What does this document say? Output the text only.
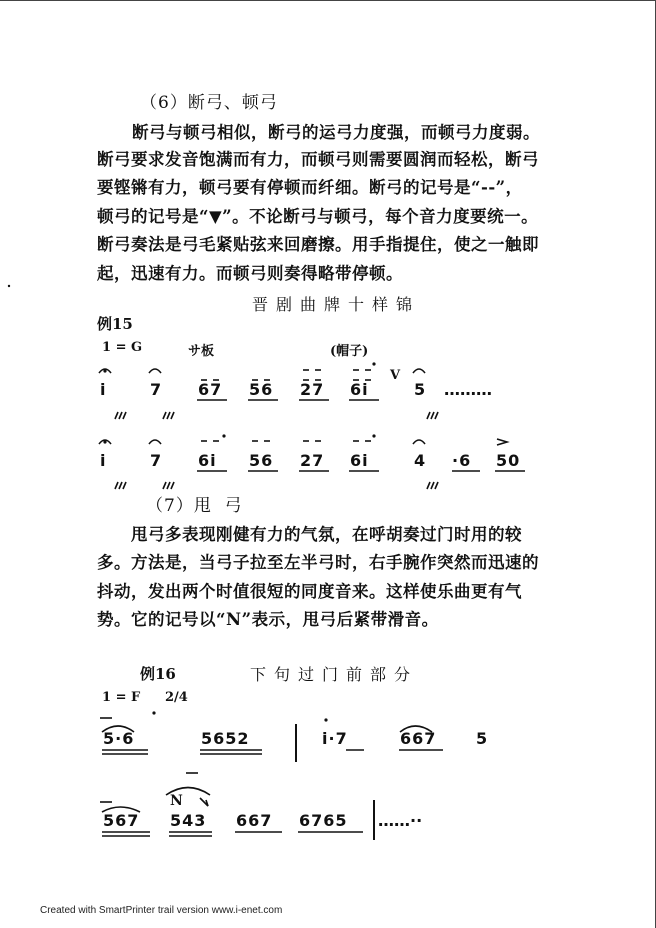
（6）断弓、顿弓
断弓与顿弓相似，断弓的运弓力度强，而顿弓力度弱。
断弓要求发音饱满而有力，而顿弓则需要圆润而轻松，断弓
要铿锵有力，顿弓要有停顿而纤细。断弓的记号是“--”，
顿弓的记号是“▼”。不论断弓与顿弓，每个音力度要统一。
断弓奏法是弓毛紧贴弦来回磨擦。用手指提住，使之一触即
起，迅速有力。而顿弓则奏得略带停顿。
晋剧曲牌十样锦
例15
1 = G	サ板	(帽子)
V
i	7 67 56 27 6i	5 ………
i	7 6i 56 27 6i	4 ·6 50
（7）甩  弓
甩弓多表现刚健有力的气氛，在呼胡奏过门时用的较
多。方法是，当弓子拉至左半弓时，右手腕作突然而迅速的
抖动，发出两个时值很短的同度音来。这样使乐曲更有气
势。它的记号以“N”表示，甩弓后紧带滑音。
例16	下句过门前部分
1 = F 2/4
5·6	5652	i·7	667 5
N
567 543 667 6765 ……··
Created with SmartPrinter trail version www.i-enet.com
